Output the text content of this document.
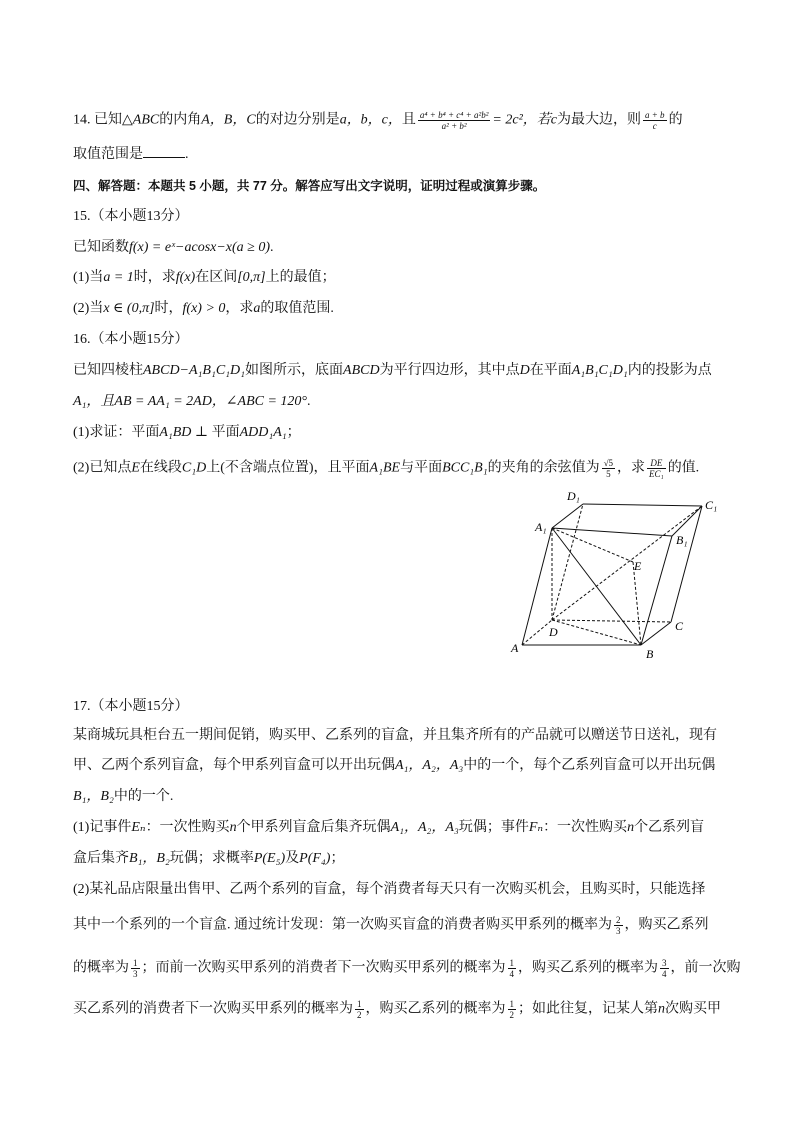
14. 已知△ABC的内角A，B，C的对边分别是a，b，c，且 $\frac{\text{a⁴ + b⁴ + c⁴ + a²b²}}{\text{a² + b²}} = 2c^2$，若c为最大边，则 $\frac{a + b}{c}$ 的
取值范围是	.
四、解答题：本题共 5 小题，共 77 分。解答应写出文字说明，证明过程或演算步骤。
15.（本小题13分）
已知函数f(x) = eˣ−acosx−x(a ≥ 0).
(1)当a = 1时，求f(x)在区间[0,π]上的最值；
(2)当x ∈ (0,π]时，f(x) > 0，求a的取值范围.
16.（本小题15分）
已知四棱柱ABCD−A₁B₁C₁D₁如图所示，底面ABCD为平行四边形，其中点D在平面A₁B₁C₁D₁内的投影为点
A₁，且AB = AA₁ = 2AD，∠ABC = 120°.
(1)求证：平面A₁BD ⊥ 平面ADD₁A₁；
(2)已知点E在线段C₁D上(不含端点位置)，且平面A₁BE与平面BCC₁B₁的夹角的余弦值为 $\frac{√5}{5}$ ，求 $\frac{DE}{\text{EC₁}}$ 的值.
A	B
C
D
A₁
B₁
C₁
D₁
E
17.（本小题15分）
某商城玩具柜台五一期间促销，购买甲、乙系列的盲盒，并且集齐所有的产品就可以赠送节日送礼，现有
甲、乙两个系列盲盒，每个甲系列盲盒可以开出玩偶A₁，A₂，A₃中的一个，每个乙系列盲盒可以开出玩偶
B₁，B₂中的一个.
(1)记事件Eₙ：一次性购买n个甲系列盲盒后集齐玩偶A₁，A₂，A₃玩偶；事件Fₙ：一次性购买n个乙系列盲
盒后集齐B₁，B₂玩偶；求概率P(E₅)及P(F₄)；
(2)某礼品店限量出售甲、乙两个系列的盲盒，每个消费者每天只有一次购买机会，且购买时，只能选择
其中一个系列的一个盲盒. 通过统计发现：第一次购买盲盒的消费者购买甲系列的概率为 $\frac{2}{3}$ ，购买乙系列
的概率为 $\frac{1}{3}$ ；而前一次购买甲系列的消费者下一次购买甲系列的概率为 $\frac{1}{4}$ ，购买乙系列的概率为 $\frac{3}{4}$ ，前一次购
买乙系列的消费者下一次购买甲系列的概率为 $\frac{1}{2}$ ，购买乙系列的概率为 $\frac{1}{2}$ ；如此往复，记某人第n次购买甲
